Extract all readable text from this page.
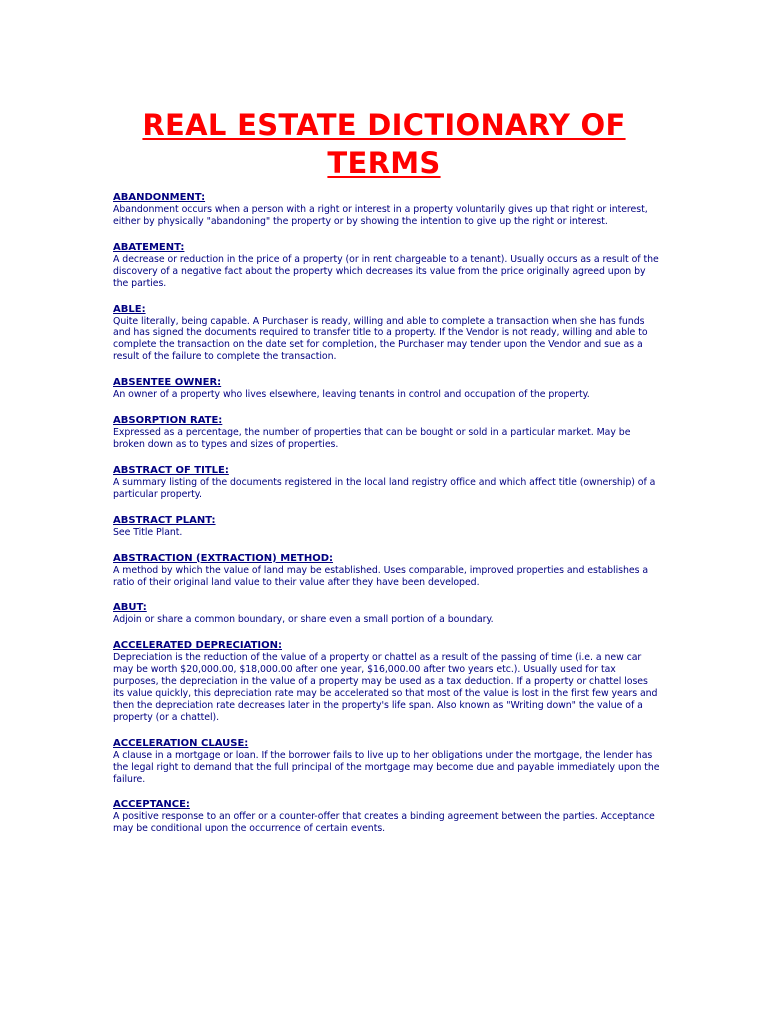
REAL ESTATE DICTIONARY OF
TERMS
ABANDONMENT:

Abandonment occurs when a person with a right or interest in a property voluntarily gives up that right or interest, either by physically "abandoning" the property or by showing the intention to give up the right or interest.

ABATEMENT:

A decrease or reduction in the price of a property (or in rent chargeable to a tenant). Usually occurs as a result of the discovery of a negative fact about the property which decreases its value from the price originally agreed upon by the parties.

ABLE:

Quite literally, being capable. A Purchaser is ready, willing and able to complete a transaction when she has funds and has signed the documents required to transfer title to a property. If the Vendor is not ready, willing and able to complete the transaction on the date set for completion, the Purchaser may tender upon the Vendor and sue as a result of the failure to complete the transaction.

ABSENTEE OWNER:

An owner of a property who lives elsewhere, leaving tenants in control and occupation of the property.

ABSORPTION RATE:

Expressed as a percentage, the number of properties that can be bought or sold in a particular market. May be broken down as to types and sizes of properties.

ABSTRACT OF TITLE:

A summary listing of the documents registered in the local land registry office and which affect title (ownership) of a particular property.

ABSTRACT PLANT:

See Title Plant.

ABSTRACTION (EXTRACTION) METHOD:

A method by which the value of land may be established. Uses comparable, improved properties and establishes a ratio of their original land value to their value after they have been developed.

ABUT:

Adjoin or share a common boundary, or share even a small portion of a boundary.

ACCELERATED DEPRECIATION:

Depreciation is the reduction of the value of a property or chattel as a result of the passing of time (i.e. a new car may be worth $20,000.00, $18,000.00 after one year, $16,000.00 after two years etc.). Usually used for tax purposes, the depreciation in the value of a property may be used as a tax deduction. If a property or chattel loses its value quickly, this depreciation rate may be accelerated so that most of the value is lost in the first few years and then the depreciation rate decreases later in the property's life span. Also known as "Writing down" the value of a property (or a chattel).

ACCELERATION CLAUSE:

A clause in a mortgage or loan. If the borrower fails to live up to her obligations under the mortgage, the lender has the legal right to demand that the full principal of the mortgage may become due and payable immediately upon the failure.

ACCEPTANCE:

A positive response to an offer or a counter-offer that creates a binding agreement between the parties. Acceptance may be conditional upon the occurrence of certain events.
